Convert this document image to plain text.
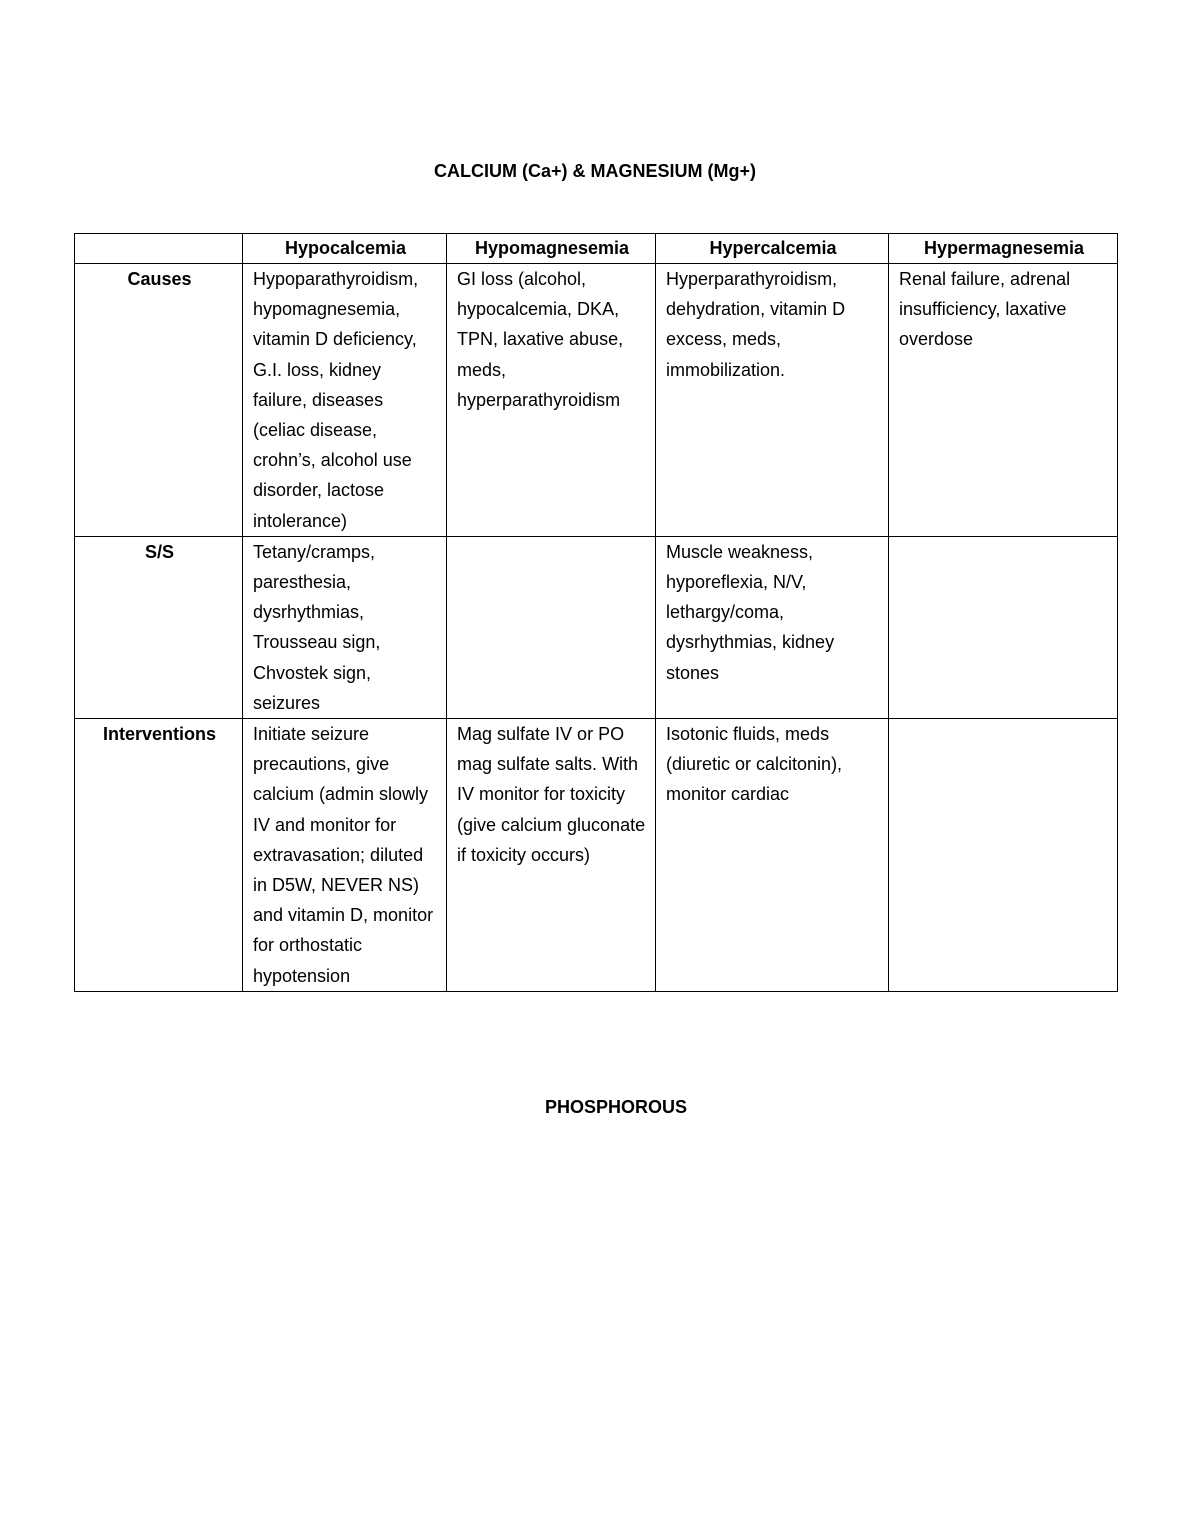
CALCIUM (Ca+) & MAGNESIUM (Mg+)
	Hypocalcemia	Hypomagnesemia	Hypercalcemia	Hypermagnesemia
Causes	Hypoparathyroidism, hypomagnesemia, vitamin D deficiency, G.I. loss, kidney failure, diseases (celiac disease, crohn’s, alcohol use disorder, lactose intolerance)	GI loss (alcohol, hypocalcemia, DKA, TPN, laxative abuse, meds, hyperparathyroidism	Hyperparathyroidism, dehydration, vitamin D excess, meds, immobilization.	Renal failure, adrenal insufficiency, laxative overdose
S/S	Tetany/cramps, paresthesia, dysrhythmias, Trousseau sign, Chvostek sign, seizures		Muscle weakness, hyporeflexia, N/V, lethargy/coma, dysrhythmias, kidney stones	
Interventions	Initiate seizure precautions, give calcium (admin slowly IV and monitor for extravasation; diluted in D5W, NEVER NS) and vitamin D, monitor for orthostatic hypotension	Mag sulfate IV or PO mag sulfate salts. With IV monitor for toxicity (give calcium gluconate if toxicity occurs)	Isotonic fluids, meds (diuretic or calcitonin), monitor cardiac	
PHOSPHOROUS
